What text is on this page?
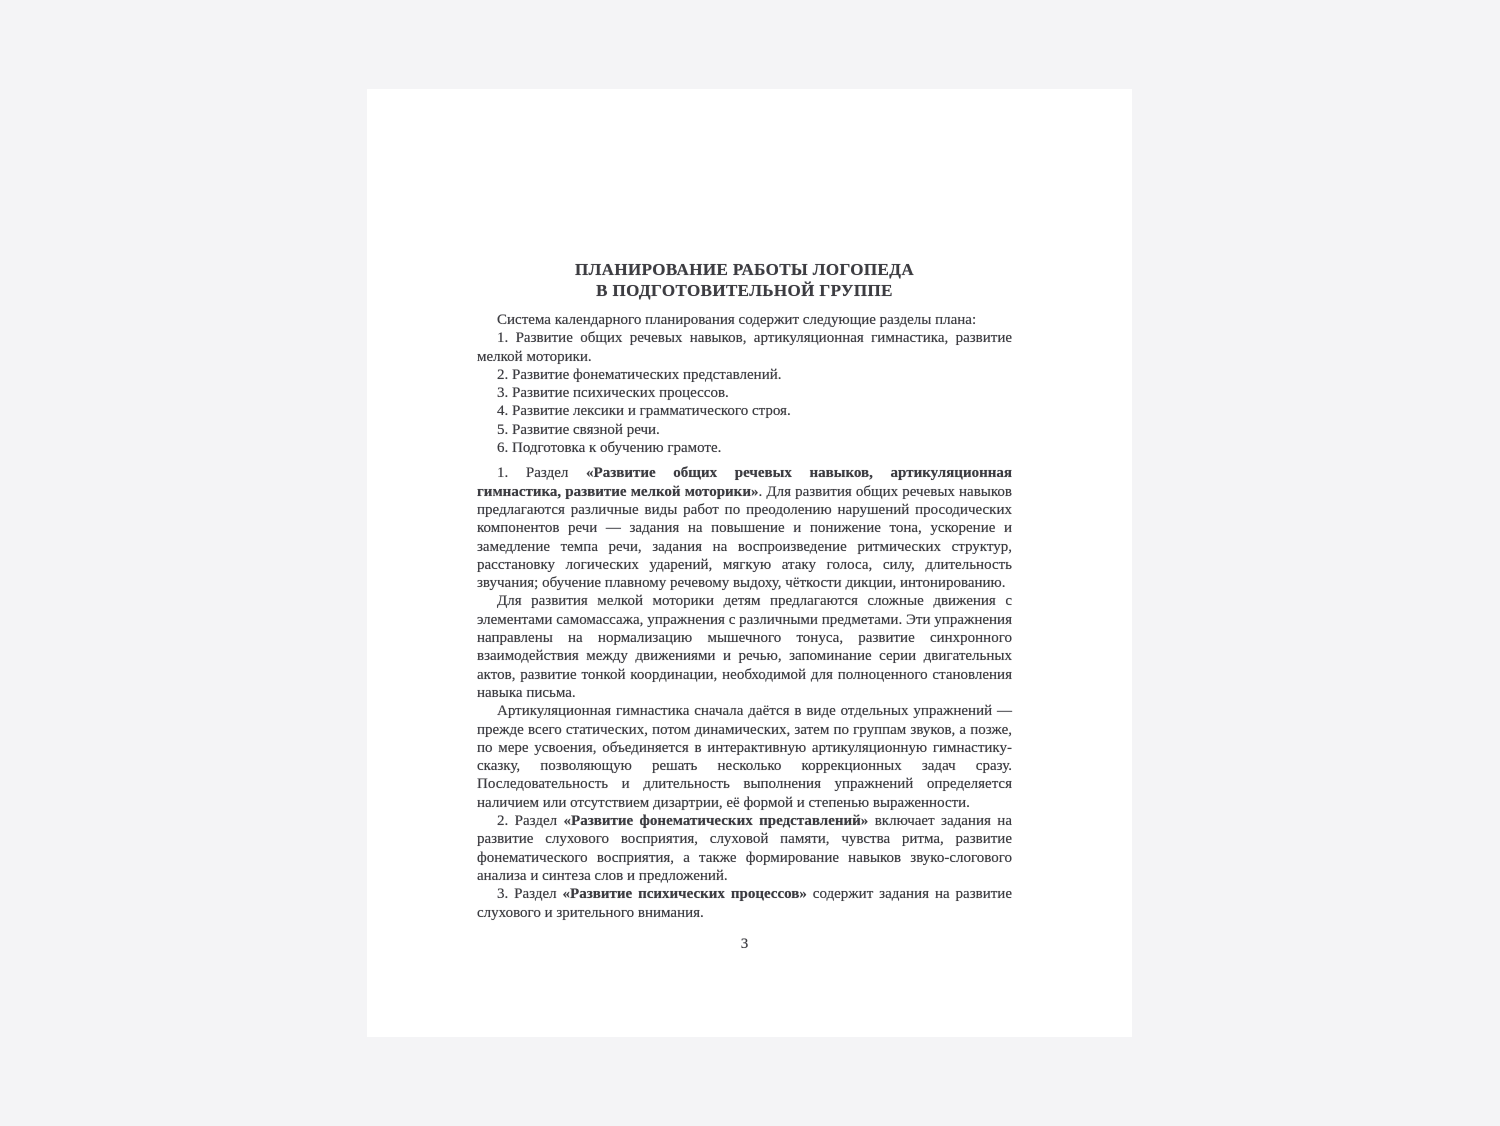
ПЛАНИРОВАНИЕ РАБОТЫ ЛОГОПЕДА
В ПОДГОТОВИТЕЛЬНОЙ ГРУППЕ

Система календарного планирования содержит следующие разделы плана:

1. Развитие общих речевых навыков, артикуляционная гимнастика, развитие мелкой моторики.

2. Развитие фонематических представлений.

3. Развитие психических процессов.

4. Развитие лексики и грамматического строя.

5. Развитие связной речи.

6. Подготовка к обучению грамоте.

1. Раздел «Развитие общих речевых навыков, артикуляционная гимнастика, развитие мелкой моторики». Для развития общих речевых навыков предлагаются различные виды работ по преодолению нарушений просодических компонентов речи — задания на повышение и понижение тона, ускорение и замедление темпа речи, задания на воспроизведение ритмических структур, расстановку логических ударений, мягкую атаку голоса, силу, длительность звучания; обучение плавному речевому выдоху, чёткости дикции, интонированию.

Для развития мелкой моторики детям предлагаются сложные движения с элементами самомассажа, упражнения с различными предметами. Эти упражнения направлены на нормализацию мышечного тонуса, развитие синхронного взаимодействия между движениями и речью, запоминание серии двигательных актов, развитие тонкой координации, необходимой для полноценного становления навыка письма.

Артикуляционная гимнастика сначала даётся в виде отдельных упражнений — прежде всего статических, потом динамических, затем по группам звуков, а позже, по мере усвоения, объединяется в интерактивную артикуляционную гимнастику-сказку, позволяющую решать несколько коррекционных задач сразу. Последовательность и длительность выполнения упражнений определяется наличием или отсутствием дизартрии, её формой и степенью выраженности.

2. Раздел «Развитие фонематических представлений» включает задания на развитие слухового восприятия, слуховой памяти, чувства ритма, развитие фонематического восприятия, а также формирование навыков звуко-слогового анализа и синтеза слов и предложений.

3. Раздел «Развитие психических процессов» содержит задания на развитие слухового и зрительного внимания.

3
